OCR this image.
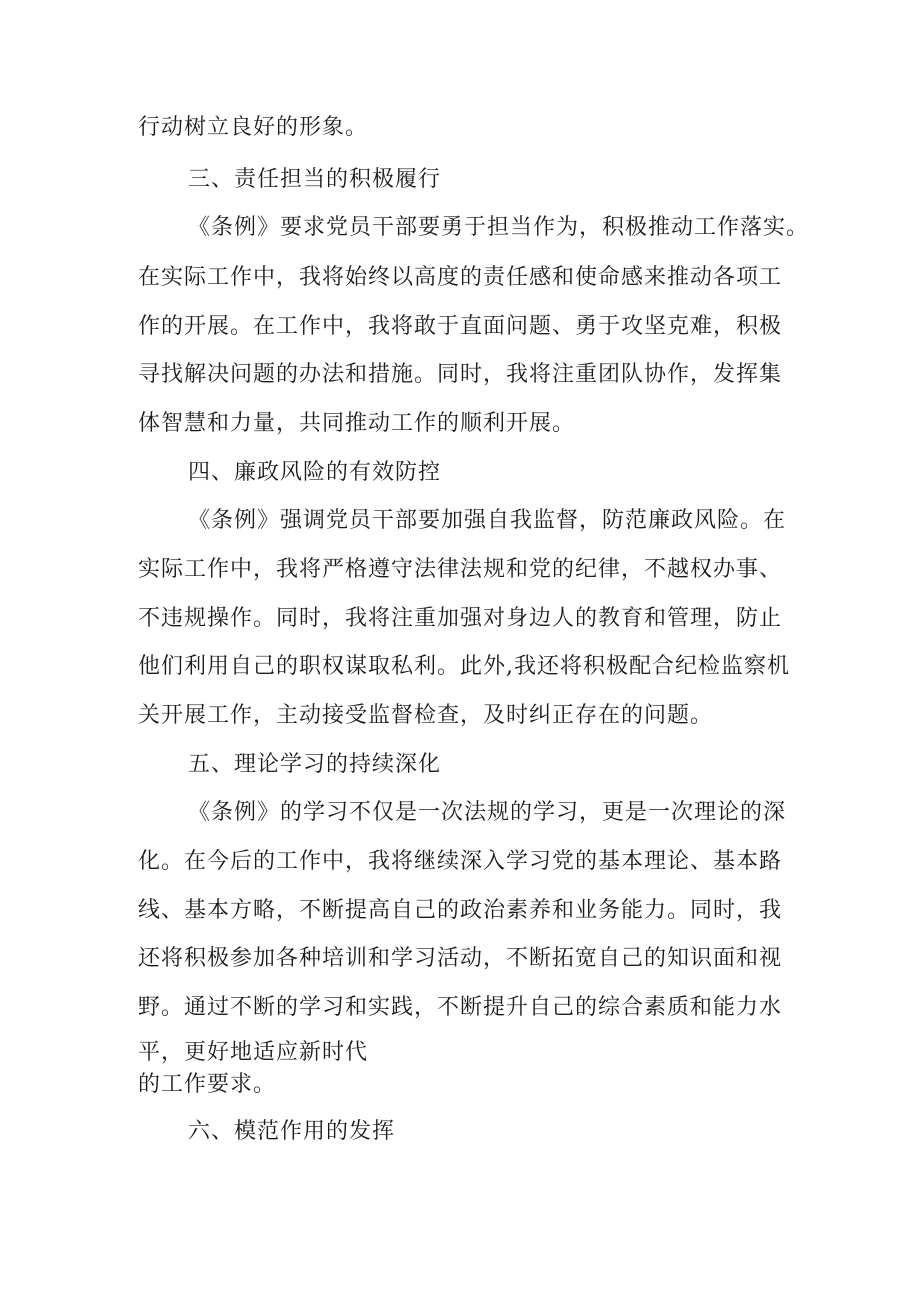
行动树立良好的形象。
三、责任担当的积极履行
《条例》要求党员干部要勇于担当作为，积极推动工作落实。
在实际工作中，我将始终以高度的责任感和使命感来推动各项工
作的开展。在工作中，我将敢于直面问题、勇于攻坚克难，积极
寻找解决问题的办法和措施。同时，我将注重团队协作，发挥集
体智慧和力量，共同推动工作的顺利开展。
四、廉政风险的有效防控
《条例》强调党员干部要加强自我监督，防范廉政风险。在
实际工作中，我将严格遵守法律法规和党的纪律，不越权办事、
不违规操作。同时，我将注重加强对身边人的教育和管理，防止
他们利用自己的职权谋取私利。此外,我还将积极配合纪检监察机
关开展工作，主动接受监督检查，及时纠正存在的问题。
五、理论学习的持续深化
《条例》的学习不仅是一次法规的学习，更是一次理论的深
化。在今后的工作中，我将继续深入学习党的基本理论、基本路
线、基本方略，不断提高自己的政治素养和业务能力。同时，我
还将积极参加各种培训和学习活动，不断拓宽自己的知识面和视
野。通过不断的学习和实践，不断提升自己的综合素质和能力水
平，更好地适应新时代
的工作要求。
六、模范作用的发挥
